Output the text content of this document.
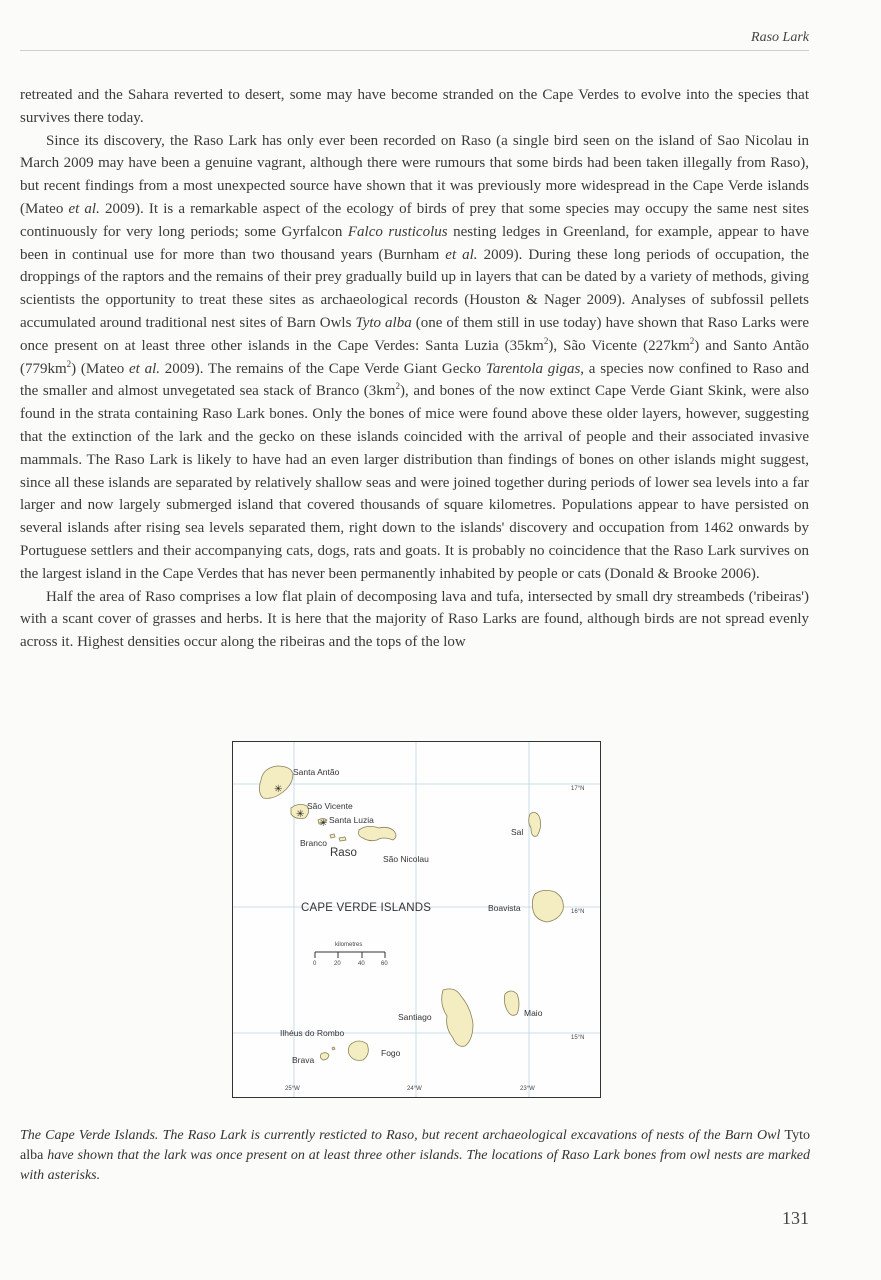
Raso Lark

retreated and the Sahara reverted to desert, some may have become stranded on the Cape Verdes to evolve into the species that survives there today.

Since its discovery, the Raso Lark has only ever been recorded on Raso (a single bird seen on the island of Sao Nicolau in March 2009 may have been a genuine vagrant, although there were rumours that some birds had been taken illegally from Raso), but recent findings from a most unexpected source have shown that it was previously more widespread in the Cape Verde islands (Mateo et al. 2009). It is a remarkable aspect of the ecology of birds of prey that some species may occupy the same nest sites continuously for very long periods; some Gyrfalcon Falco rusticolus nesting ledges in Greenland, for example, appear to have been in continual use for more than two thousand years (Burnham et al. 2009). During these long periods of occupation, the droppings of the raptors and the remains of their prey gradually build up in layers that can be dated by a variety of methods, giving scientists the opportunity to treat these sites as archaeological records (Houston & Nager 2009). Analyses of subfossil pellets accumulated around traditional nest sites of Barn Owls Tyto alba (one of them still in use today) have shown that Raso Larks were once present on at least three other islands in the Cape Verdes: Santa Luzia $(35km^2)$, São Vicente $(227km^2)$ and Santo Antão $(779km^2)$ (Mateo et al. 2009). The remains of the Cape Verde Giant Gecko Tarentola gigas, a species now confined to Raso and the smaller and almost unvegetated sea stack of Branco $(3km^2)$, and bones of the now extinct Cape Verde Giant Skink, were also found in the strata containing Raso Lark bones. Only the bones of mice were found above these older layers, however, suggesting that the extinction of the lark and the gecko on these islands coincided with the arrival of people and their associated invasive mammals. The Raso Lark is likely to have had an even larger distribution than findings of bones on other islands might suggest, since all these islands are separated by relatively shallow seas and were joined together during periods of lower sea levels into a far larger and now largely submerged island that covered thousands of square kilometres. Populations appear to have persisted on several islands after rising sea levels separated them, right down to the islands' discovery and occupation from 1462 onwards by Portuguese settlers and their accompanying cats, dogs, rats and goats. It is probably no coincidence that the Raso Lark survives on the largest island in the Cape Verdes that has never been permanently inhabited by people or cats (Donald & Brooke 2006).

Half the area of Raso comprises a low flat plain of decomposing lava and tufa, intersected by small dry streambeds ('ribeiras') with a scant cover of grasses and herbs. It is here that the majority of Raso Larks are found, although birds are not spread evenly across it. Highest densities occur along the ribeiras and the tops of the low

✳
✳
✳
Santa Antão
São Vicente
Santa Luzia
Branco
Raso	São Nicolau
Sal
Boavista
Maio
Santiago
Ilhéus do Rombo
Brava
Fogo
CAPE VERDE ISLANDS
kilometres
0	20	40	60
17°N
16°N
15°N
25°W	24°W	23°W
The Cape Verde Islands. The Raso Lark is currently resticted to Raso, but recent archaeological excavations of nests of the Barn Owl Tyto alba have shown that the lark was once present on at least three other islands. The locations of Raso Lark bones from owl nests are marked with asterisks.
131
